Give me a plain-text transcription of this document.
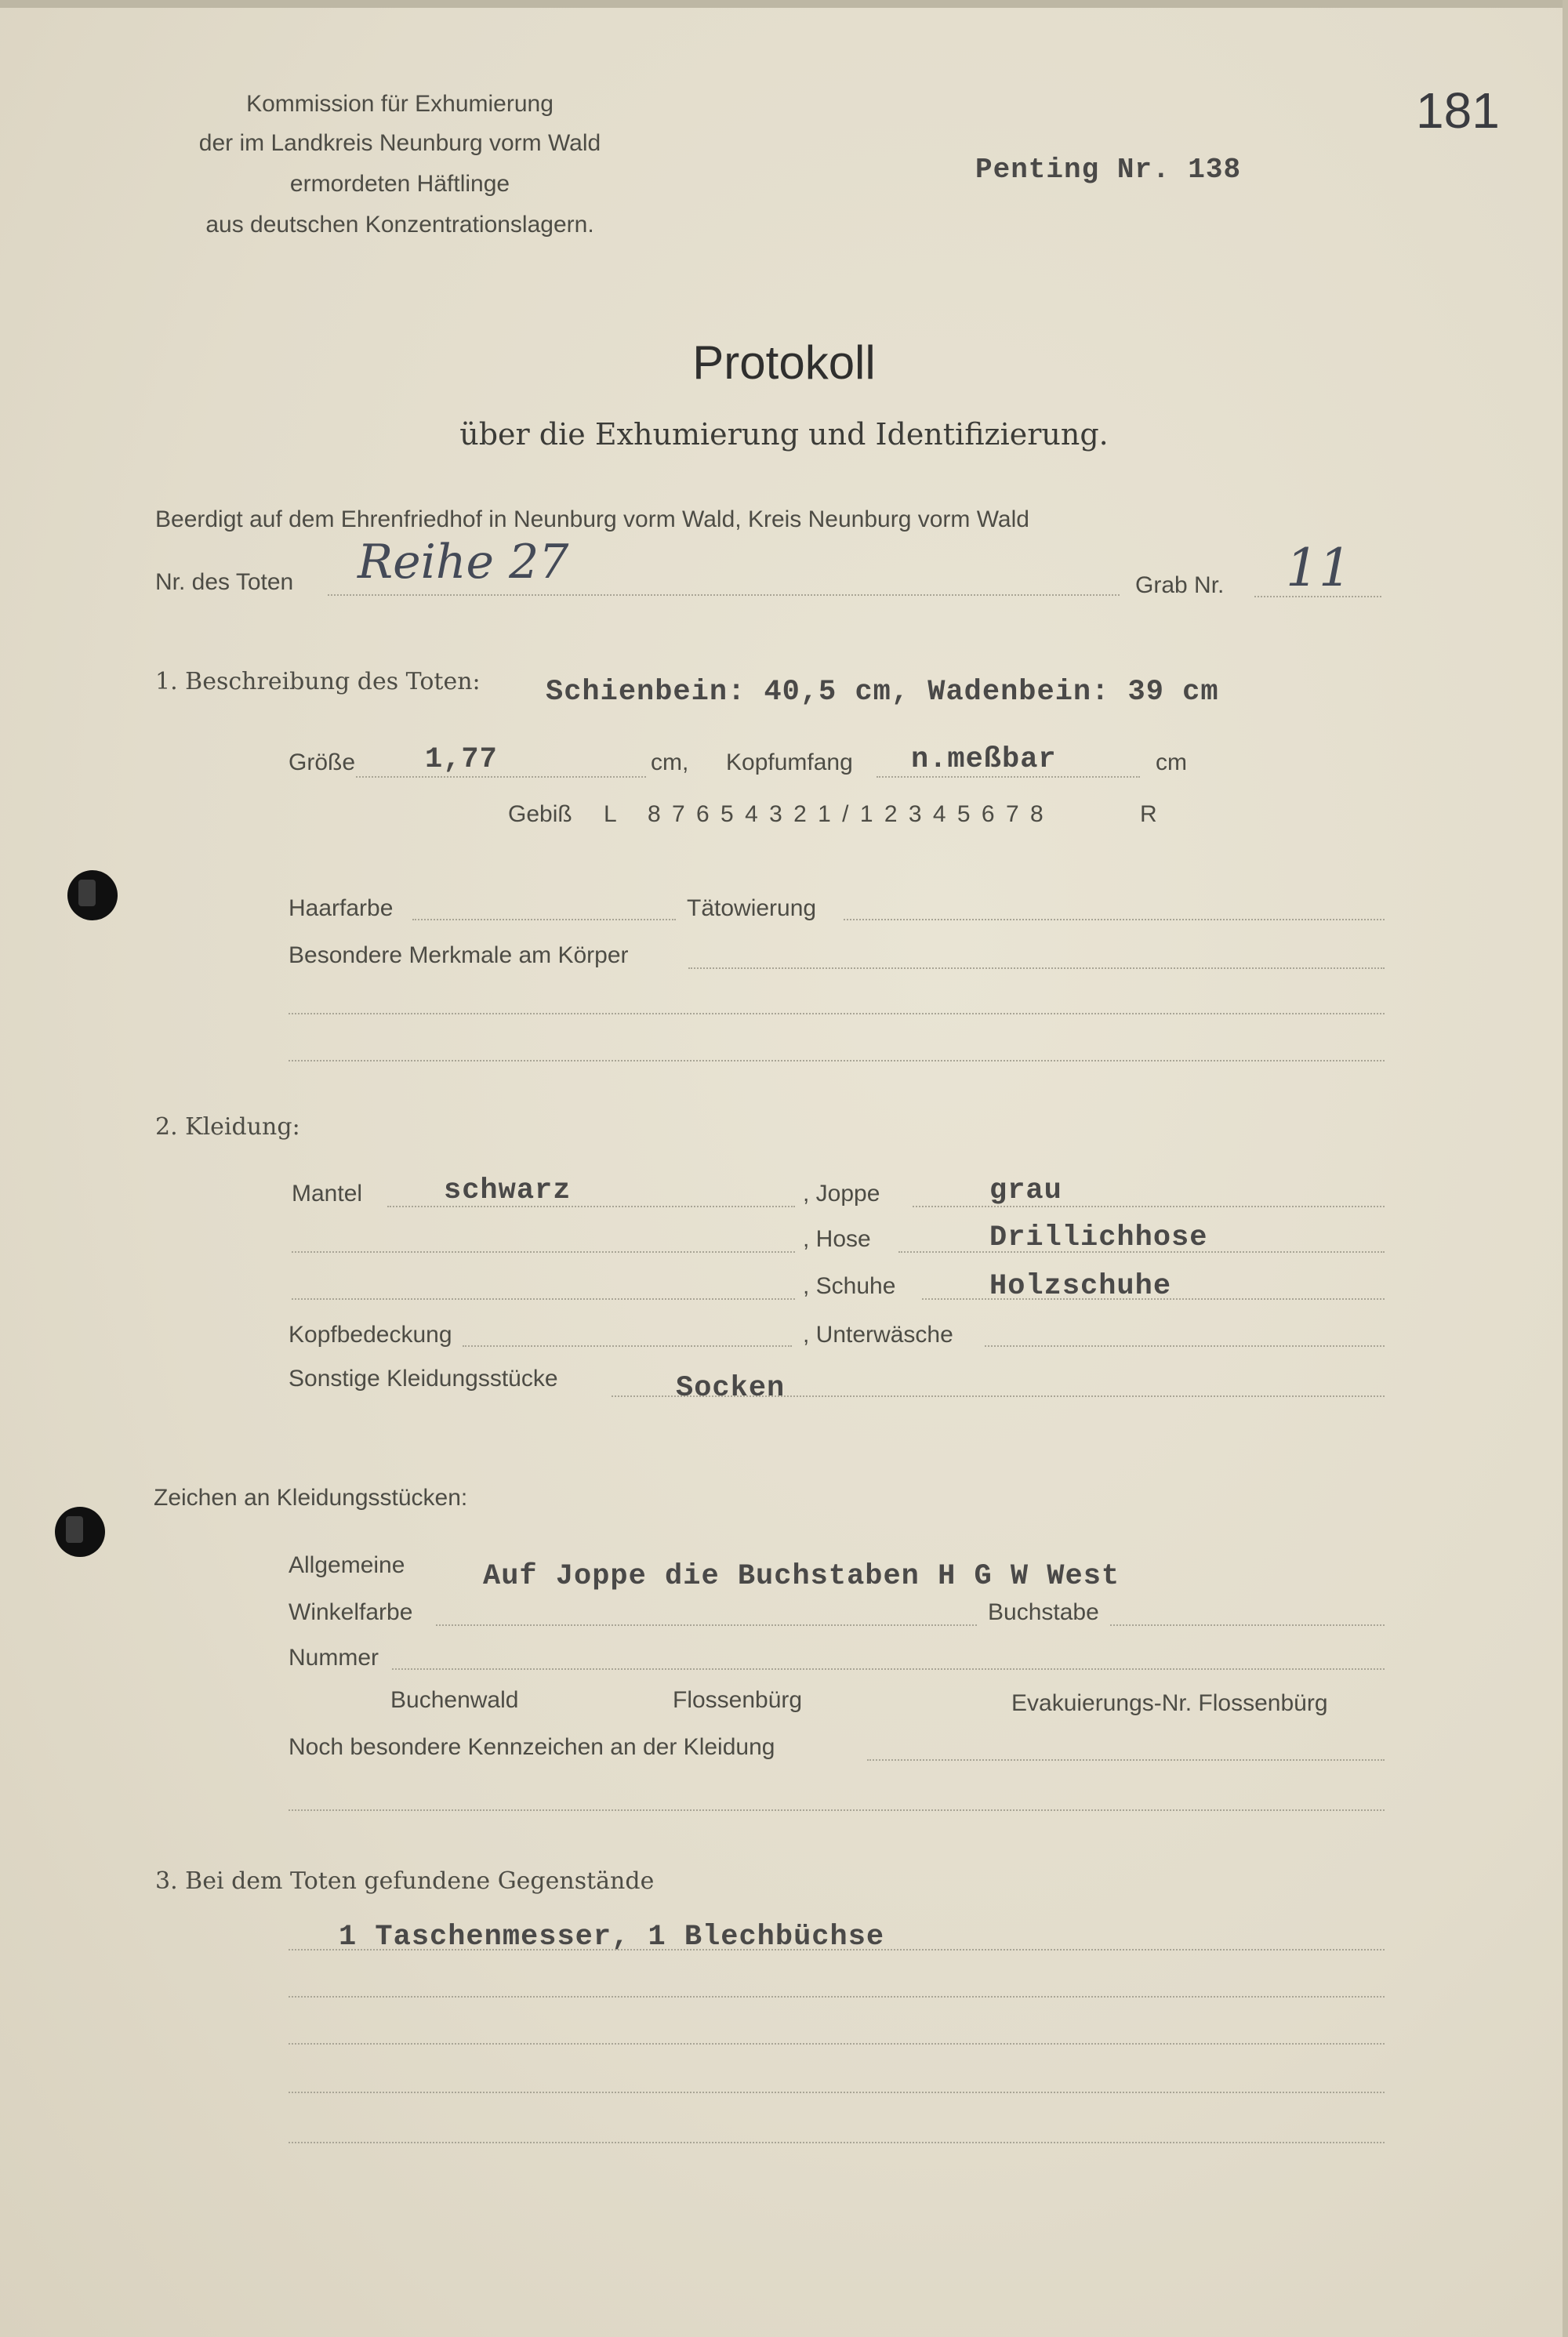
181
Kommission für Exhumierung
der im Landkreis Neunburg vorm Wald
ermordeten Häftlinge
aus deutschen Konzentrationslagern.
Penting Nr. 138
Protokoll
über die Exhumierung und Identifizierung.
Beerdigt auf dem Ehrenfriedhof in Neunburg vorm Wald, Kreis Neunburg vorm Wald
Nr. des Toten Reihe 27	Grab Nr. 11
1. Beschreibung des Toten: Schienbein: 40,5 cm, Wadenbein: 39 cm
Größe 1,77	cm, Kopfumfang n.meßbar	cm
Gebiß L 8 7 6 5 4 3 2 1 / 1 2 3 4 5 6 7 8	R
Haarfarbe	Tätowierung
Besondere Merkmale am Körper
2. Kleidung:
Mantel	schwarz	, Joppe	grau
, Hose	Drillichhose
, Schuhe	Holzschuhe
Kopfbedeckung	, Unterwäsche
Sonstige Kleidungsstücke	Socken
Zeichen an Kleidungsstücken:
Allgemeine	Auf Joppe die Buchstaben H G W West
Winkelfarbe	Buchstabe
Nummer
Buchenwald	Flossenbürg	Evakuierungs-Nr. Flossenbürg
Noch besondere Kennzeichen an der Kleidung
3. Bei dem Toten gefundene Gegenstände
1 Taschenmesser, 1 Blechbüchse
